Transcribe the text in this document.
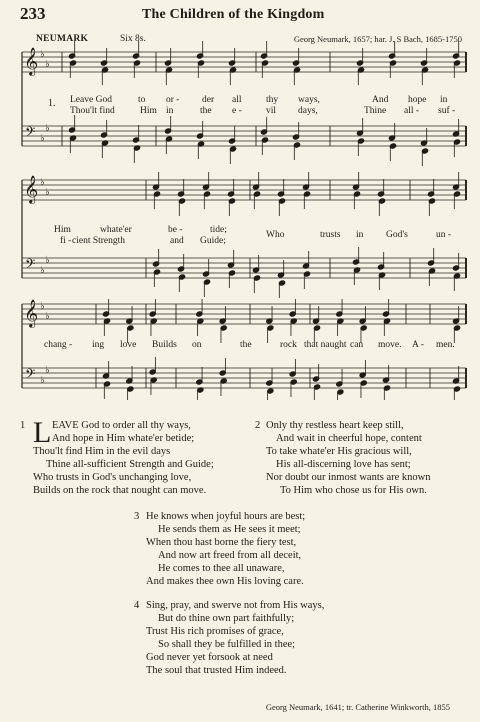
233	The Children of the Kingdom
NEUMARK	Six 8s.	Georg Neumark, 1657; har. J. S Bach, 1685-1750
𝄞
𝄢
♭
♭
♭
♭
𝄞
𝄢
♭
♭
♭
♭
𝄞
𝄢
♭
♭
♭
♭
1. Leave God	to or - der all	thy ways,	And hope in
Thou'lt find	Him in	the e -	vil days,	Thine all - suf -
Him	whate'er	be -	tide;
fi - cient Strength	and Guide;
Who	trusts in God's	un -
chang - ing love Builds on	the	rock that naught can move. A - men.
1 L EAVE God to order all thy ways,
And hope in Him whate'er betide;
Thou'lt find Him in the evil days
Thine all-sufficient Strength and Guide;
Who trusts in God's unchanging love,
Builds on the rock that nought can move.
2 Only thy restless heart keep still,
And wait in cheerful hope, content
To take whate'er His gracious will,
His all-discerning love has sent;
Nor doubt our inmost wants are known
To Him who chose us for His own.
3 He knows when joyful hours are best;
He sends them as He sees it meet;
When thou hast borne the fiery test,
And now art freed from all deceit,
He comes to thee all unaware,
And makes thee own His loving care.
4 Sing, pray, and swerve not from His ways,
But do thine own part faithfully;
Trust His rich promises of grace,
So shall they be fulfilled in thee;
God never yet forsook at need
The soul that trusted Him indeed.
Georg Neumark, 1641; tr. Catherine Winkworth, 1855
